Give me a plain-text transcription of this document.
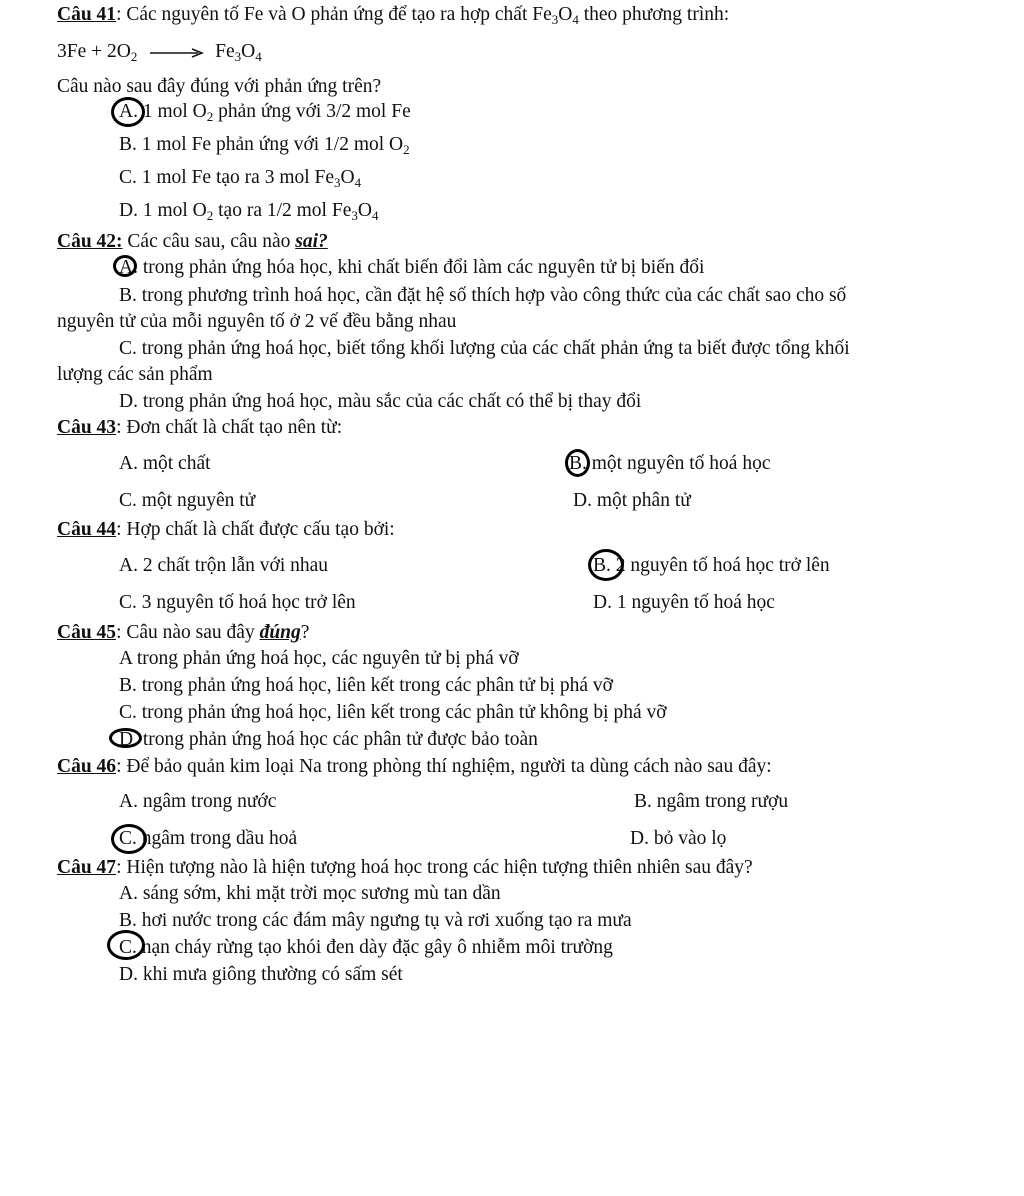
Câu 41: Các nguyên tố Fe và O phản ứng để tạo ra hợp chất $Fe_3O_4$ theo phương trình:
$3Fe + 2O_2 \to Fe_3O_4$
Câu nào sau đây đúng với phản ứng trên?
A. 1 mol $O_2$ phản ứng với 3/2 mol Fe
B. 1 mol Fe phản ứng với 1/2 mol $O_2$
C. 1 mol Fe tạo ra 3 mol $Fe_3O_4$
D. 1 mol $O_2$ tạo ra 1/2 mol $Fe_3O_4$
Câu 42: Các câu sau, câu nào sai?
A. trong phản ứng hóa học, khi chất biến đổi làm các nguyên tử bị biến đổi
B. trong phương trình hoá học, cần đặt hệ số thích hợp vào công thức của các chất sao cho số
nguyên tử của mỗi nguyên tố ở 2 vế đều bằng nhau
C. trong phản ứng hoá học, biết tổng khối lượng của các chất phản ứng ta biết được tổng khối
lượng các sản phẩm
D. trong phản ứng hoá học, màu sắc của các chất có thể bị thay đổi
Câu 43: Đơn chất là chất tạo nên từ:
A. một chất	B. một nguyên tố hoá học
C. một nguyên tử	D. một phân tử
Câu 44: Hợp chất là chất được cấu tạo bởi:
A. 2 chất trộn lẫn với nhau	B. 2 nguyên tố hoá học trở lên
C. 3 nguyên tố hoá học trở lên	D. 1 nguyên tố hoá học
Câu 45: Câu nào sau đây đúng?
A trong phản ứng hoá học, các nguyên tử bị phá vỡ
B. trong phản ứng hoá học, liên kết trong các phân tử bị phá vỡ
C. trong phản ứng hoá học, liên kết trong các phân tử không bị phá vỡ
D. trong phản ứng hoá học các phân tử được bảo toàn
Câu 46: Để bảo quản kim loại Na trong phòng thí nghiệm, người ta dùng cách nào sau đây:
A. ngâm trong nước	B. ngâm trong rượu
C. ngâm trong dầu hoả	D. bỏ vào lọ
Câu 47: Hiện tượng nào là hiện tượng hoá học trong các hiện tượng thiên nhiên sau đây?
A. sáng sớm, khi mặt trời mọc sương mù tan dần
B. hơi nước trong các đám mây ngưng tụ và rơi xuống tạo ra mưa
C. nạn cháy rừng tạo khói đen dày đặc gây ô nhiễm môi trường
D. khi mưa giông thường có sấm sét
